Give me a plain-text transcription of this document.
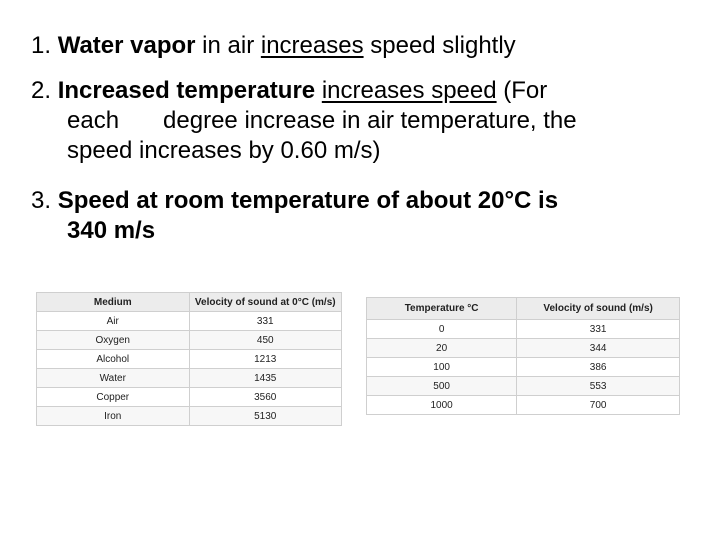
1. Water vapor in air increases speed slightly

2. Increased temperature increases speed (For
each degree increase in air temperature, the
speed increases by 0.60 m/s)

3. Speed at room temperature of about 20°C is
340 m/s

Medium	Velocity of sound at 0°C (m/s)
Air	331
Oxygen	450
Alcohol	1213
Water	1435
Copper	3560
Iron	5130
Temperature °C	Velocity of sound (m/s)
0	331
20	344
100	386
500	553
1000	700
